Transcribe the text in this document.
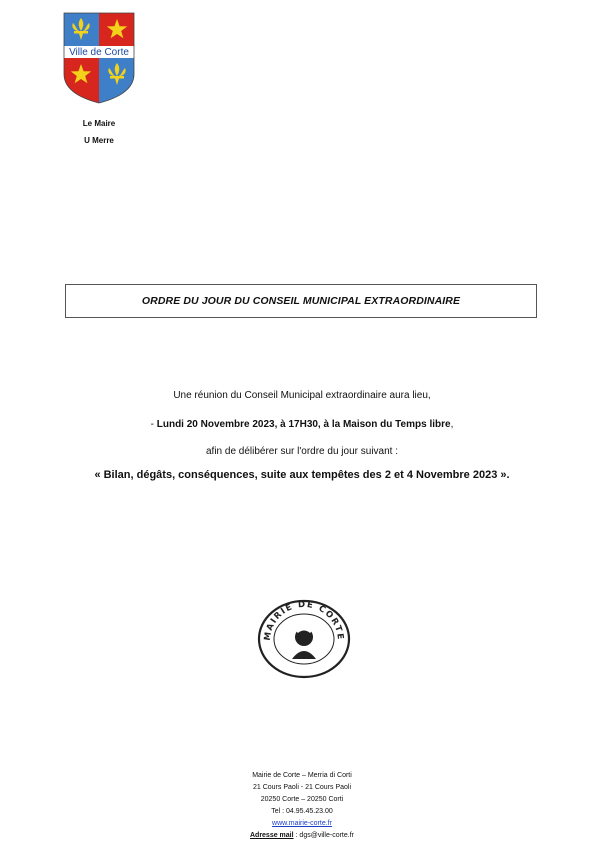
Ville de Corte
Le Maire
U Merre
ORDRE DU JOUR DU CONSEIL MUNICIPAL EXTRAORDINAIRE
Une réunion du Conseil Municipal extraordinaire aura lieu,
- Lundi 20 Novembre 2023, à 17H30, à la Maison du Temps libre,
afin de délibérer sur l'ordre du jour suivant :
« Bilan, dégâts, conséquences, suite aux tempêtes des 2 et 4 Novembre 2023 ».
MAIRIE DE CORTE
Mairie de Corte – Merria di Corti
21 Cours Paoli - 21 Cours Paoli
20250 Corte – 20250 Corti
Tel : 04.95.45.23.00
www.mairie-corte.fr
Adresse mail : dgs@ville-corte.fr
